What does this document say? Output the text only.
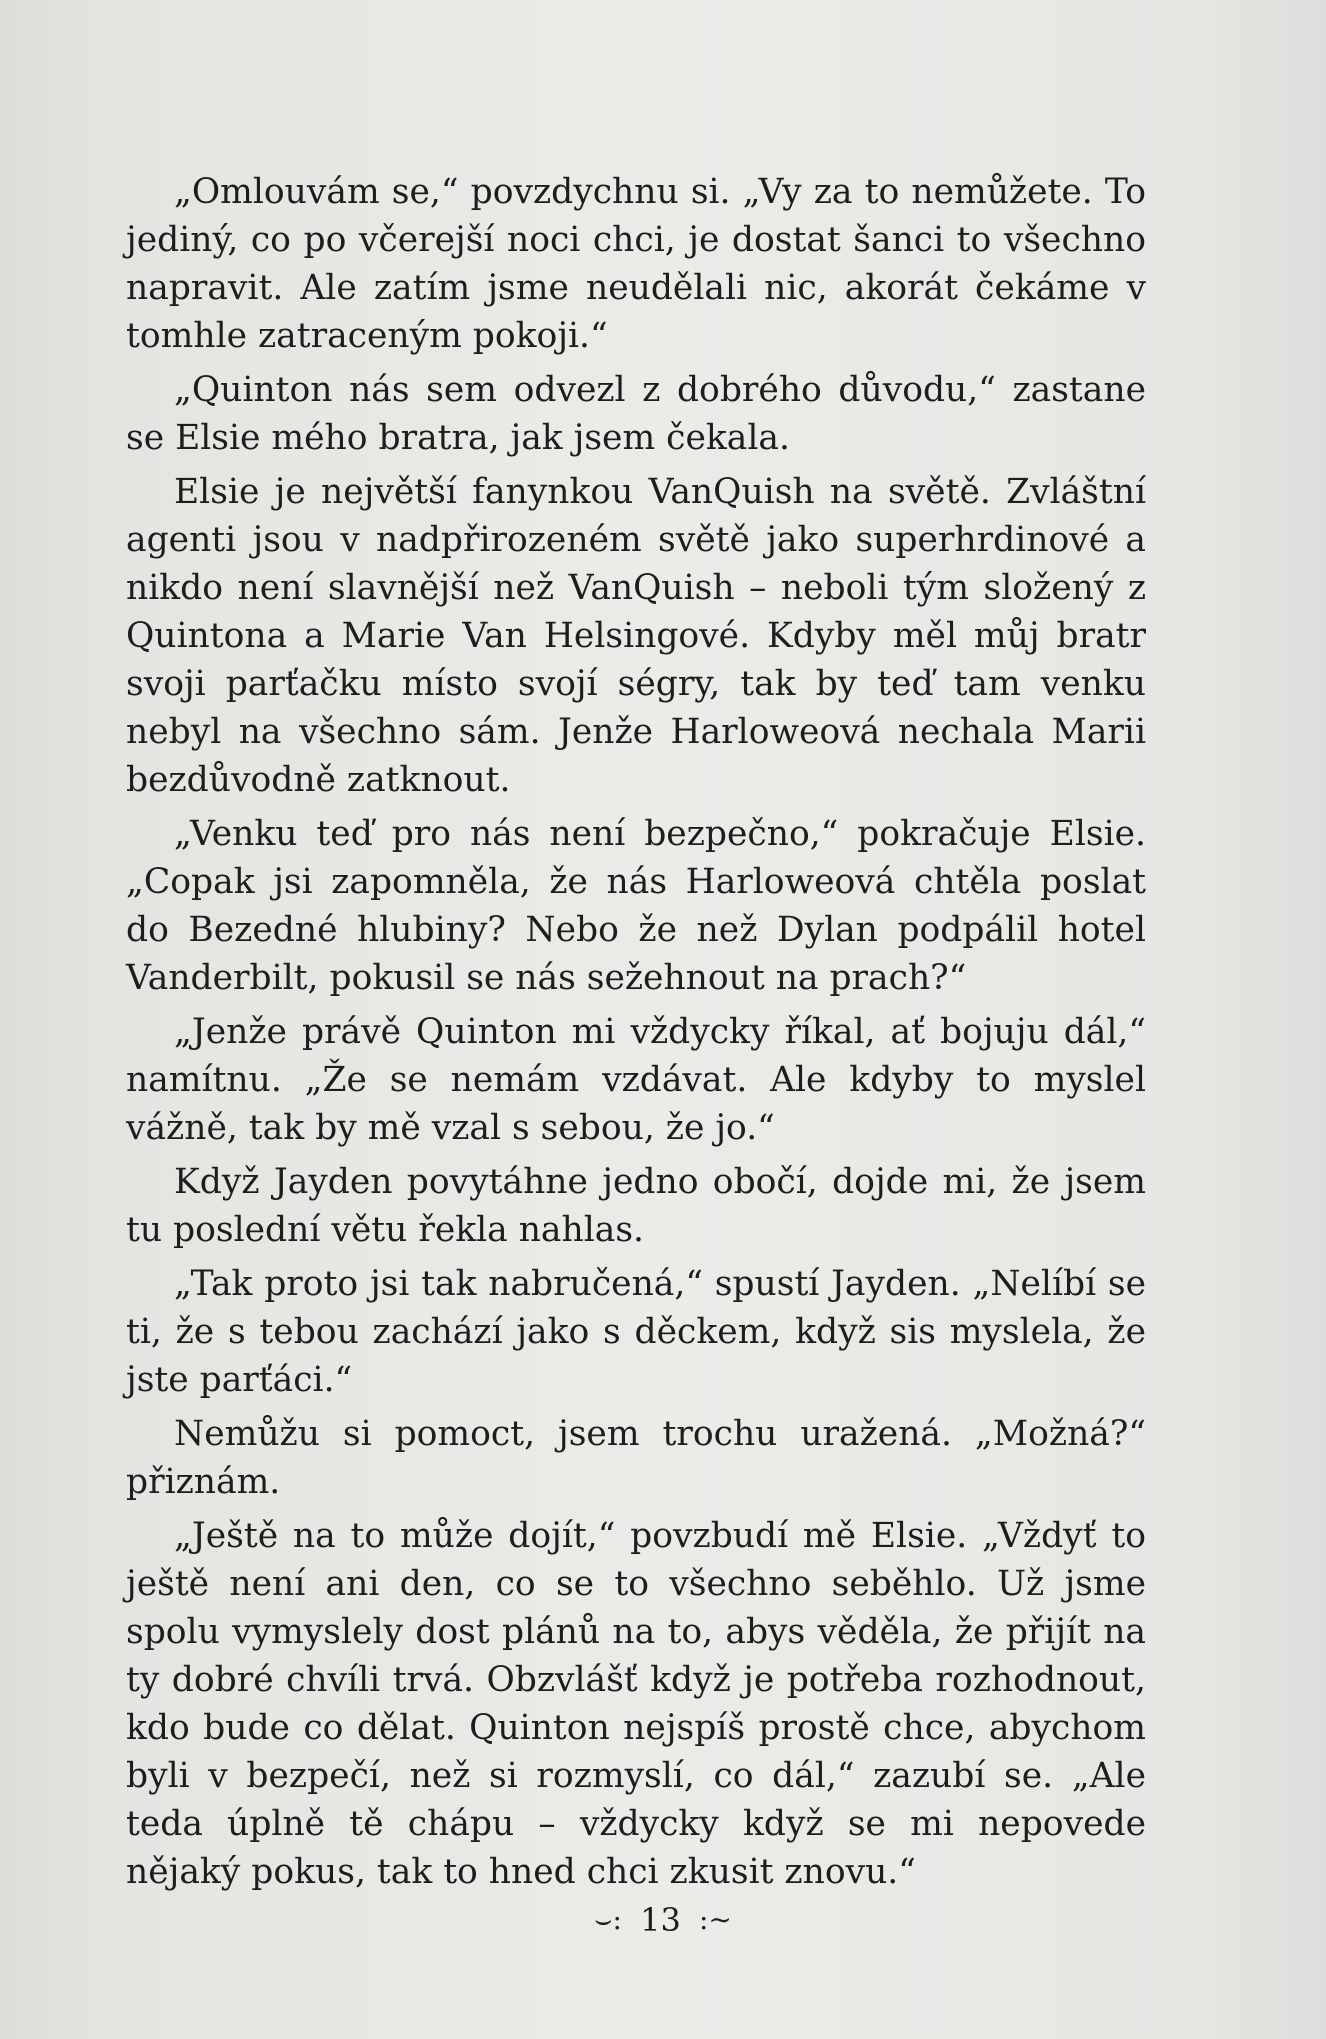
„Omlouvám se,“ povzdychnu si. „Vy za to nemůžete. To jediný, co po včerejší noci chci, je dostat šanci to všechno napravit. Ale zatím jsme neudělali nic, akorát čekáme v tomhle zatraceným pokoji.“

„Quinton nás sem odvezl z dobrého důvodu,“ zastane se Elsie mého bratra, jak jsem čekala.

Elsie je největší fanynkou VanQuish na světě. Zvláštní agenti jsou v nadpřirozeném světě jako superhrdinové a nikdo není slavnější než VanQuish – neboli tým složený z Quintona a Marie Van Helsingové. Kdyby měl můj bratr svoji parťačku místo svojí ségry, tak by teď tam venku nebyl na všechno sám. Jenže Harloweová nechala Marii bezdůvodně zatknout.

„Venku teď pro nás není bezpečno,“ pokračuje Elsie. „Copak jsi zapomněla, že nás Harloweová chtěla poslat do Bezedné hlubiny? Nebo že než Dylan podpálil hotel Vanderbilt, pokusil se nás sežehnout na prach?“

„Jenže právě Quinton mi vždycky říkal, ať bojuju dál,“ namítnu. „Že se nemám vzdávat. Ale kdyby to myslel vážně, tak by mě vzal s sebou, že jo.“

Když Jayden povytáhne jedno obočí, dojde mi, že jsem tu poslední větu řekla nahlas.

„Tak proto jsi tak nabručená,“ spustí Jayden. „Nelíbí se ti, že s tebou zachází jako s děckem, když sis myslela, že jste parťáci.“

Nemůžu si pomoct, jsem trochu uražená. „Možná?“ přiznám.

„Ještě na to může dojít,“ povzbudí mě Elsie. „Vždyť to ještě není ani den, co se to všechno seběhlo. Už jsme spolu vymyslely dost plánů na to, abys věděla, že přijít na ty dobré chvíli trvá. Obzvlášť když je potřeba rozhodnout, kdo bude co dělat. Quinton nejspíš prostě chce, abychom byli v bezpečí, než si rozmyslí, co dál,“ zazubí se. „Ale teda úplně tě chápu – vždycky když se mi nepovede nějaký pokus, tak to hned chci zkusit znovu.“

⌣: 13 :∼
